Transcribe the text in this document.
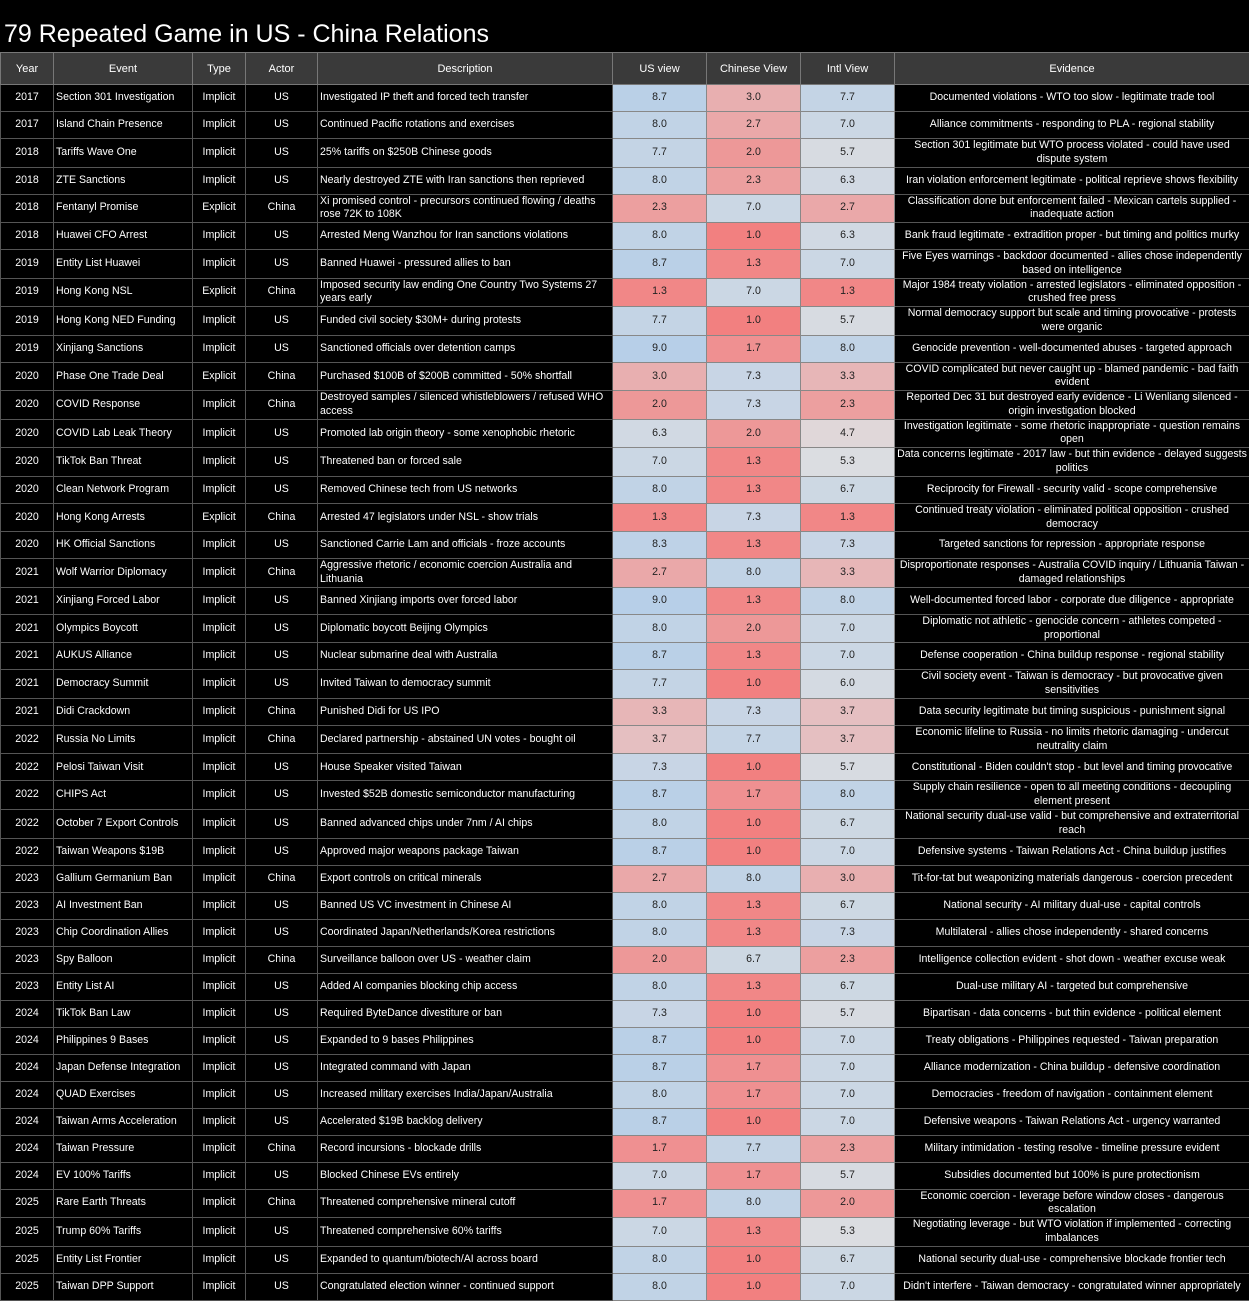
79 Repeated Game in US - China Relations
Year	Event	Type	Actor	Description	US view	Chinese View	Intl View	Evidence
2017	Section 301 Investigation	Implicit	US	Investigated IP theft and forced tech transfer	8.7	3.0	7.7	Documented violations - WTO too slow - legitimate trade tool
2017	Island Chain Presence	Implicit	US	Continued Pacific rotations and exercises	8.0	2.7	7.0	Alliance commitments - responding to PLA - regional stability
2018	Tariffs Wave One	Implicit	US	25% tariffs on $250B Chinese goods	7.7	2.0	5.7	Section 301 legitimate but WTO process violated - could have used dispute system
2018	ZTE Sanctions	Implicit	US	Nearly destroyed ZTE with Iran sanctions then reprieved	8.0	2.3	6.3	Iran violation enforcement legitimate - political reprieve shows flexibility
2018	Fentanyl Promise	Explicit	China	Xi promised control - precursors continued flowing / deaths rose 72K to 108K	2.3	7.0	2.7	Classification done but enforcement failed - Mexican cartels supplied - inadequate action
2018	Huawei CFO Arrest	Implicit	US	Arrested Meng Wanzhou for Iran sanctions violations	8.0	1.0	6.3	Bank fraud legitimate - extradition proper - but timing and politics murky
2019	Entity List Huawei	Implicit	US	Banned Huawei - pressured allies to ban	8.7	1.3	7.0	Five Eyes warnings - backdoor documented - allies chose independently based on intelligence
2019	Hong Kong NSL	Explicit	China	Imposed security law ending One Country Two Systems 27 years early	1.3	7.0	1.3	Major 1984 treaty violation - arrested legislators - eliminated opposition - crushed free press
2019	Hong Kong NED Funding	Implicit	US	Funded civil society $30M+ during protests	7.7	1.0	5.7	Normal democracy support but scale and timing provocative - protests were organic
2019	Xinjiang Sanctions	Implicit	US	Sanctioned officials over detention camps	9.0	1.7	8.0	Genocide prevention - well-documented abuses - targeted approach
2020	Phase One Trade Deal	Explicit	China	Purchased $100B of $200B committed - 50% shortfall	3.0	7.3	3.3	COVID complicated but never caught up - blamed pandemic - bad faith evident
2020	COVID Response	Implicit	China	Destroyed samples / silenced whistleblowers / refused WHO access	2.0	7.3	2.3	Reported Dec 31 but destroyed early evidence - Li Wenliang silenced - origin investigation blocked
2020	COVID Lab Leak Theory	Implicit	US	Promoted lab origin theory - some xenophobic rhetoric	6.3	2.0	4.7	Investigation legitimate - some rhetoric inappropriate - question remains open
2020	TikTok Ban Threat	Implicit	US	Threatened ban or forced sale	7.0	1.3	5.3	Data concerns legitimate - 2017 law - but thin evidence - delayed suggests politics
2020	Clean Network Program	Implicit	US	Removed Chinese tech from US networks	8.0	1.3	6.7	Reciprocity for Firewall - security valid - scope comprehensive
2020	Hong Kong Arrests	Explicit	China	Arrested 47 legislators under NSL - show trials	1.3	7.3	1.3	Continued treaty violation - eliminated political opposition - crushed democracy
2020	HK Official Sanctions	Implicit	US	Sanctioned Carrie Lam and officials - froze accounts	8.3	1.3	7.3	Targeted sanctions for repression - appropriate response
2021	Wolf Warrior Diplomacy	Implicit	China	Aggressive rhetoric / economic coercion Australia and Lithuania	2.7	8.0	3.3	Disproportionate responses - Australia COVID inquiry / Lithuania Taiwan - damaged relationships
2021	Xinjiang Forced Labor	Implicit	US	Banned Xinjiang imports over forced labor	9.0	1.3	8.0	Well-documented forced labor - corporate due diligence - appropriate
2021	Olympics Boycott	Implicit	US	Diplomatic boycott Beijing Olympics	8.0	2.0	7.0	Diplomatic not athletic - genocide concern - athletes competed - proportional
2021	AUKUS Alliance	Implicit	US	Nuclear submarine deal with Australia	8.7	1.3	7.0	Defense cooperation - China buildup response - regional stability
2021	Democracy Summit	Implicit	US	Invited Taiwan to democracy summit	7.7	1.0	6.0	Civil society event - Taiwan is democracy - but provocative given sensitivities
2021	Didi Crackdown	Implicit	China	Punished Didi for US IPO	3.3	7.3	3.7	Data security legitimate but timing suspicious - punishment signal
2022	Russia No Limits	Implicit	China	Declared partnership - abstained UN votes - bought oil	3.7	7.7	3.7	Economic lifeline to Russia - no limits rhetoric damaging - undercut neutrality claim
2022	Pelosi Taiwan Visit	Implicit	US	House Speaker visited Taiwan	7.3	1.0	5.7	Constitutional - Biden couldn't stop - but level and timing provocative
2022	CHIPS Act	Implicit	US	Invested $52B domestic semiconductor manufacturing	8.7	1.7	8.0	Supply chain resilience - open to all meeting conditions - decoupling element present
2022	October 7 Export Controls	Implicit	US	Banned advanced chips under 7nm / AI chips	8.0	1.0	6.7	National security dual-use valid - but comprehensive and extraterritorial reach
2022	Taiwan Weapons $19B	Implicit	US	Approved major weapons package Taiwan	8.7	1.0	7.0	Defensive systems - Taiwan Relations Act - China buildup justifies
2023	Gallium Germanium Ban	Implicit	China	Export controls on critical minerals	2.7	8.0	3.0	Tit-for-tat but weaponizing materials dangerous - coercion precedent
2023	AI Investment Ban	Implicit	US	Banned US VC investment in Chinese AI	8.0	1.3	6.7	National security - AI military dual-use - capital controls
2023	Chip Coordination Allies	Implicit	US	Coordinated Japan/Netherlands/Korea restrictions	8.0	1.3	7.3	Multilateral - allies chose independently - shared concerns
2023	Spy Balloon	Implicit	China	Surveillance balloon over US - weather claim	2.0	6.7	2.3	Intelligence collection evident - shot down - weather excuse weak
2023	Entity List AI	Implicit	US	Added AI companies blocking chip access	8.0	1.3	6.7	Dual-use military AI - targeted but comprehensive
2024	TikTok Ban Law	Implicit	US	Required ByteDance divestiture or ban	7.3	1.0	5.7	Bipartisan - data concerns - but thin evidence - political element
2024	Philippines 9 Bases	Implicit	US	Expanded to 9 bases Philippines	8.7	1.0	7.0	Treaty obligations - Philippines requested - Taiwan preparation
2024	Japan Defense Integration	Implicit	US	Integrated command with Japan	8.7	1.7	7.0	Alliance modernization - China buildup - defensive coordination
2024	QUAD Exercises	Implicit	US	Increased military exercises India/Japan/Australia	8.0	1.7	7.0	Democracies - freedom of navigation - containment element
2024	Taiwan Arms Acceleration	Implicit	US	Accelerated $19B backlog delivery	8.7	1.0	7.0	Defensive weapons - Taiwan Relations Act - urgency warranted
2024	Taiwan Pressure	Implicit	China	Record incursions - blockade drills	1.7	7.7	2.3	Military intimidation - testing resolve - timeline pressure evident
2024	EV 100% Tariffs	Implicit	US	Blocked Chinese EVs entirely	7.0	1.7	5.7	Subsidies documented but 100% is pure protectionism
2025	Rare Earth Threats	Implicit	China	Threatened comprehensive mineral cutoff	1.7	8.0	2.0	Economic coercion - leverage before window closes - dangerous escalation
2025	Trump 60% Tariffs	Implicit	US	Threatened comprehensive 60% tariffs	7.0	1.3	5.3	Negotiating leverage - but WTO violation if implemented - correcting imbalances
2025	Entity List Frontier	Implicit	US	Expanded to quantum/biotech/AI across board	8.0	1.0	6.7	National security dual-use - comprehensive blockade frontier tech
2025	Taiwan DPP Support	Implicit	US	Congratulated election winner - continued support	8.0	1.0	7.0	Didn't interfere - Taiwan democracy - congratulated winner appropriately
